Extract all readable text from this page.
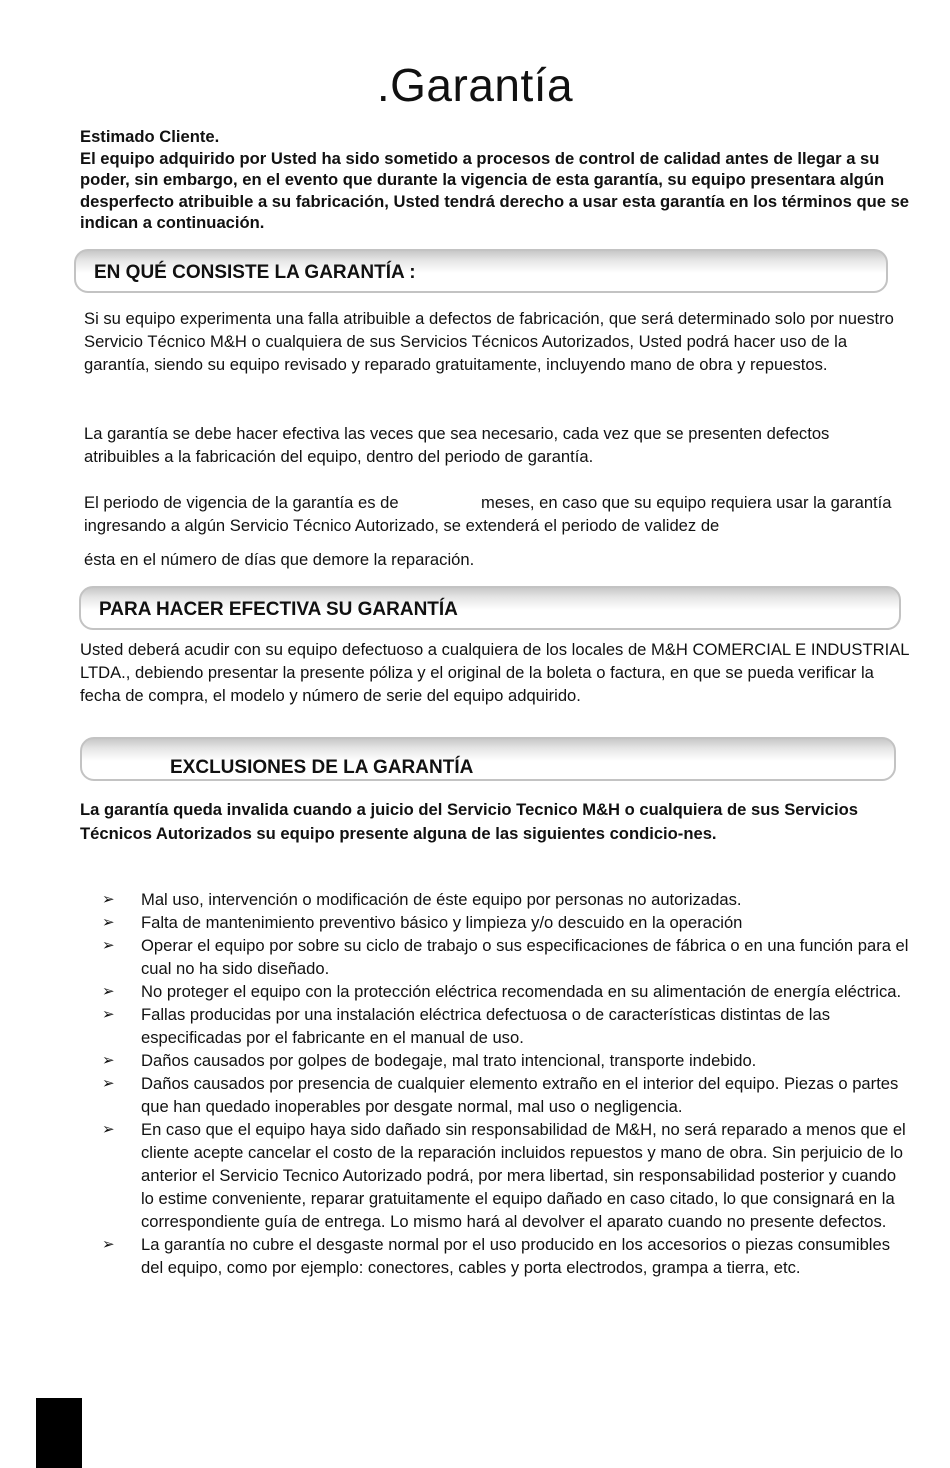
.Garantía

Estimado Cliente.

El equipo adquirido por Usted ha sido sometido a procesos de control de calidad antes de llegar a su poder, sin embargo, en el evento que durante la vigencia de esta garantía, su equipo presentara algún desperfecto atribuible a su fabricación, Usted tendrá derecho a usar esta garantía en los términos que se indican a continuación.

EN QUÉ CONSISTE LA GARANTÍA :

Si su equipo experimenta una falla atribuible a defectos de fabricación, que será determinado solo por nuestro Servicio Técnico M&H o cualquiera de sus Servicios Técnicos Autorizados, Usted podrá hacer uso de la garantía, siendo su equipo revisado y reparado gratuitamente, incluyendo mano de obra y repuestos.

La garantía se debe hacer efectiva las veces que sea necesario, cada vez que se presenten defectos atribuibles a la fabricación del equipo, dentro del periodo de garantía.

El periodo de vigencia de la garantía es de	meses, en caso que su equipo requiera usar la garantía ingresando a algún Servicio Técnico Autorizado, se extenderá el periodo de validez de

ésta en el número de días que demore la reparación.

PARA HACER EFECTIVA SU GARANTÍA

Usted deberá acudir con su equipo defectuoso a cualquiera de los locales de M&H COMERCIAL E INDUSTRIAL LTDA., debiendo presentar la presente póliza y el original de la boleta o factura, en que se pueda verificar la fecha de compra, el modelo y número de serie del equipo adquirido.

EXCLUSIONES DE LA GARANTÍA

La garantía queda invalida cuando a juicio del Servicio Tecnico M&H o cualquiera de sus Servicios Técnicos Autorizados su equipo presente alguna de las siguientes condicio-nes.

➢ Mal uso, intervención o modificación de éste equipo por personas no autorizadas.
➢ Falta de mantenimiento preventivo básico y limpieza y/o descuido en la operación
➢ Operar el equipo por sobre su ciclo de trabajo o sus especificaciones de fábrica o en una función para el cual no ha sido diseñado.
➢ No proteger el equipo con la protección eléctrica recomendada en su alimentación de energía eléctrica.
➢ Fallas producidas por una instalación eléctrica defectuosa o de características distintas de las especificadas por el fabricante en el manual de uso.
➢ Daños causados por golpes de bodegaje, mal trato intencional, transporte indebido.
➢ Daños causados por presencia de cualquier elemento extraño en el interior del equipo. Piezas o partes que han quedado inoperables por desgate normal, mal uso o negligencia.
➢ En caso que el equipo haya sido dañado sin responsabilidad de M&H, no será reparado a menos que el cliente acepte cancelar el costo de la reparación incluidos repuestos y mano de obra. Sin perjuicio de lo anterior el Servicio Tecnico Autorizado podrá, por mera libertad, sin responsabilidad posterior y cuando lo estime conveniente, reparar gratuitamente el equipo dañado en caso citado, lo que consignará en la correspondiente guía de entrega. Lo mismo hará al devolver el aparato cuando no presente defectos.
➢ La garantía no cubre el desgaste normal por el uso producido en los accesorios o piezas consumibles del equipo, como por ejemplo: conectores, cables y porta electrodos, grampa a tierra, etc.
